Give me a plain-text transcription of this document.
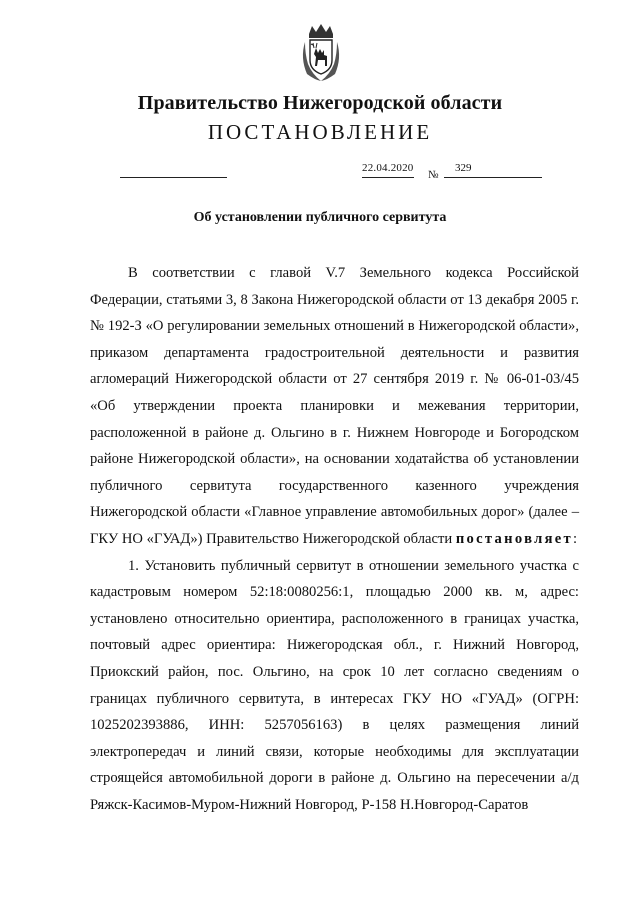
Правительство Нижегородской области
ПОСТАНОВЛЕНИЕ
22.04.2020
№
329
Об установлении публичного сервитута

В соответствии с главой V.7 Земельного кодекса Российской Федерации, статьями 3, 8 Закона Нижегородской области от 13 декабря 2005 г. № 192-З «О регулировании земельных отношений в Нижегородской области», приказом департамента градостроительной деятельности и развития агломераций Нижегородской области от 27 сентября 2019 г. № 06-01-03/45 «Об утверждении проекта планировки и межевания территории, расположенной в районе д. Ольгино в г. Нижнем Новгороде и Богородском районе Нижегородской области», на основании ходатайства об установлении публичного сервитута государственного казенного учреждения Нижегородской области «Главное управление автомобильных дорог» (далее – ГКУ НО «ГУАД») Правительство Нижегородской области постановляет:

1. Установить публичный сервитут в отношении земельного участка с кадастровым номером 52:18:0080256:1, площадью 2000 кв. м, адрес: установлено относительно ориентира, расположенного в границах участка, почтовый адрес ориентира: Нижегородская обл., г. Нижний Новгород, Приокский район, пос. Ольгино, на срок 10 лет согласно сведениям о границах публичного сервитута, в интересах ГКУ НО «ГУАД» (ОГРН: 1025202393886, ИНН: 5257056163) в целях размещения линий электропередач и линий связи, которые необходимы для эксплуатации строящейся автомобильной дороги в районе д. Ольгино на пересечении а/д Ряжск-Касимов-Муром-Нижний Новгород, Р-158 Н.Новгород-Саратов
